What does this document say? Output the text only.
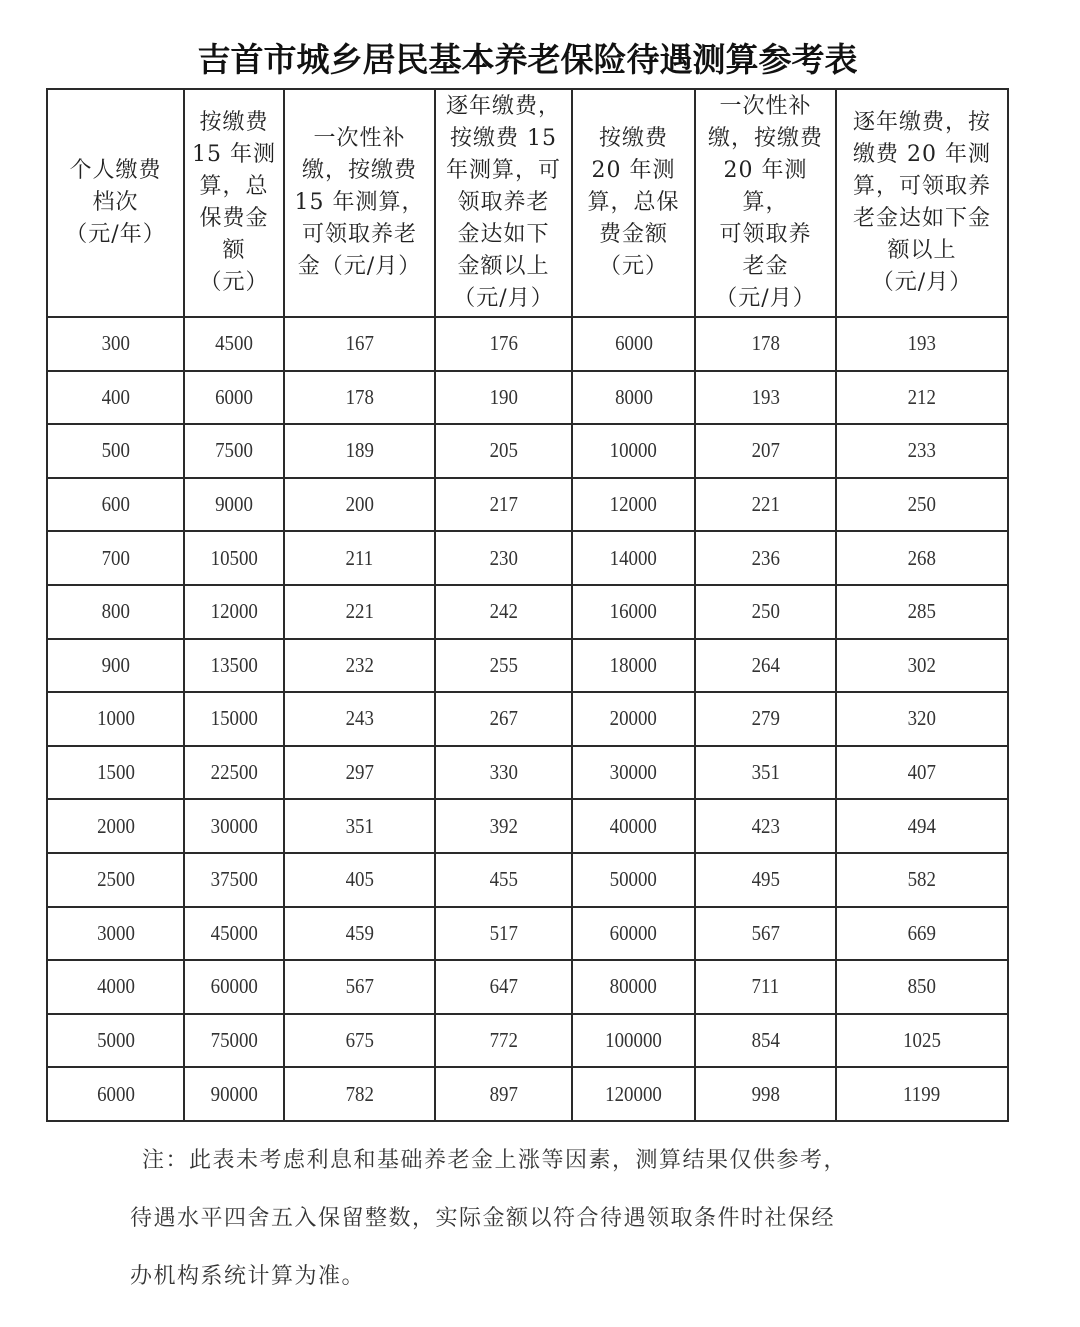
吉首市城乡居民基本养老保险待遇测算参考表
个人缴费
档次
（元/年）	按缴费
15 年测
算，总
保费金
额
（元）	一次性补
缴，按缴费
15 年测算，
可领取养老
金（元/月）	逐年缴费，
按缴费 15
年测算，可
领取养老
金达如下
金额以上
（元/月）	按缴费
20 年测
算，总保
费金额
（元）	一次性补
缴，按缴费
20 年测算，
可领取养
老金
（元/月）	逐年缴费，按
缴费 20 年测
算，可领取养
老金达如下金
额以上
（元/月）
300	4500	167	176	6000	178	193
400	6000	178	190	8000	193	212
500	7500	189	205	10000	207	233
600	9000	200	217	12000	221	250
700	10500	211	230	14000	236	268
800	12000	221	242	16000	250	285
900	13500	232	255	18000	264	302
1000	15000	243	267	20000	279	320
1500	22500	297	330	30000	351	407
2000	30000	351	392	40000	423	494
2500	37500	405	455	50000	495	582
3000	45000	459	517	60000	567	669
4000	60000	567	647	80000	711	850
5000	75000	675	772	100000	854	1025
6000	90000	782	897	120000	998	1199
注：此表未考虑利息和基础养老金上涨等因素，测算结果仅供参考，
待遇水平四舍五入保留整数，实际金额以符合待遇领取条件时社保经
办机构系统计算为准。
